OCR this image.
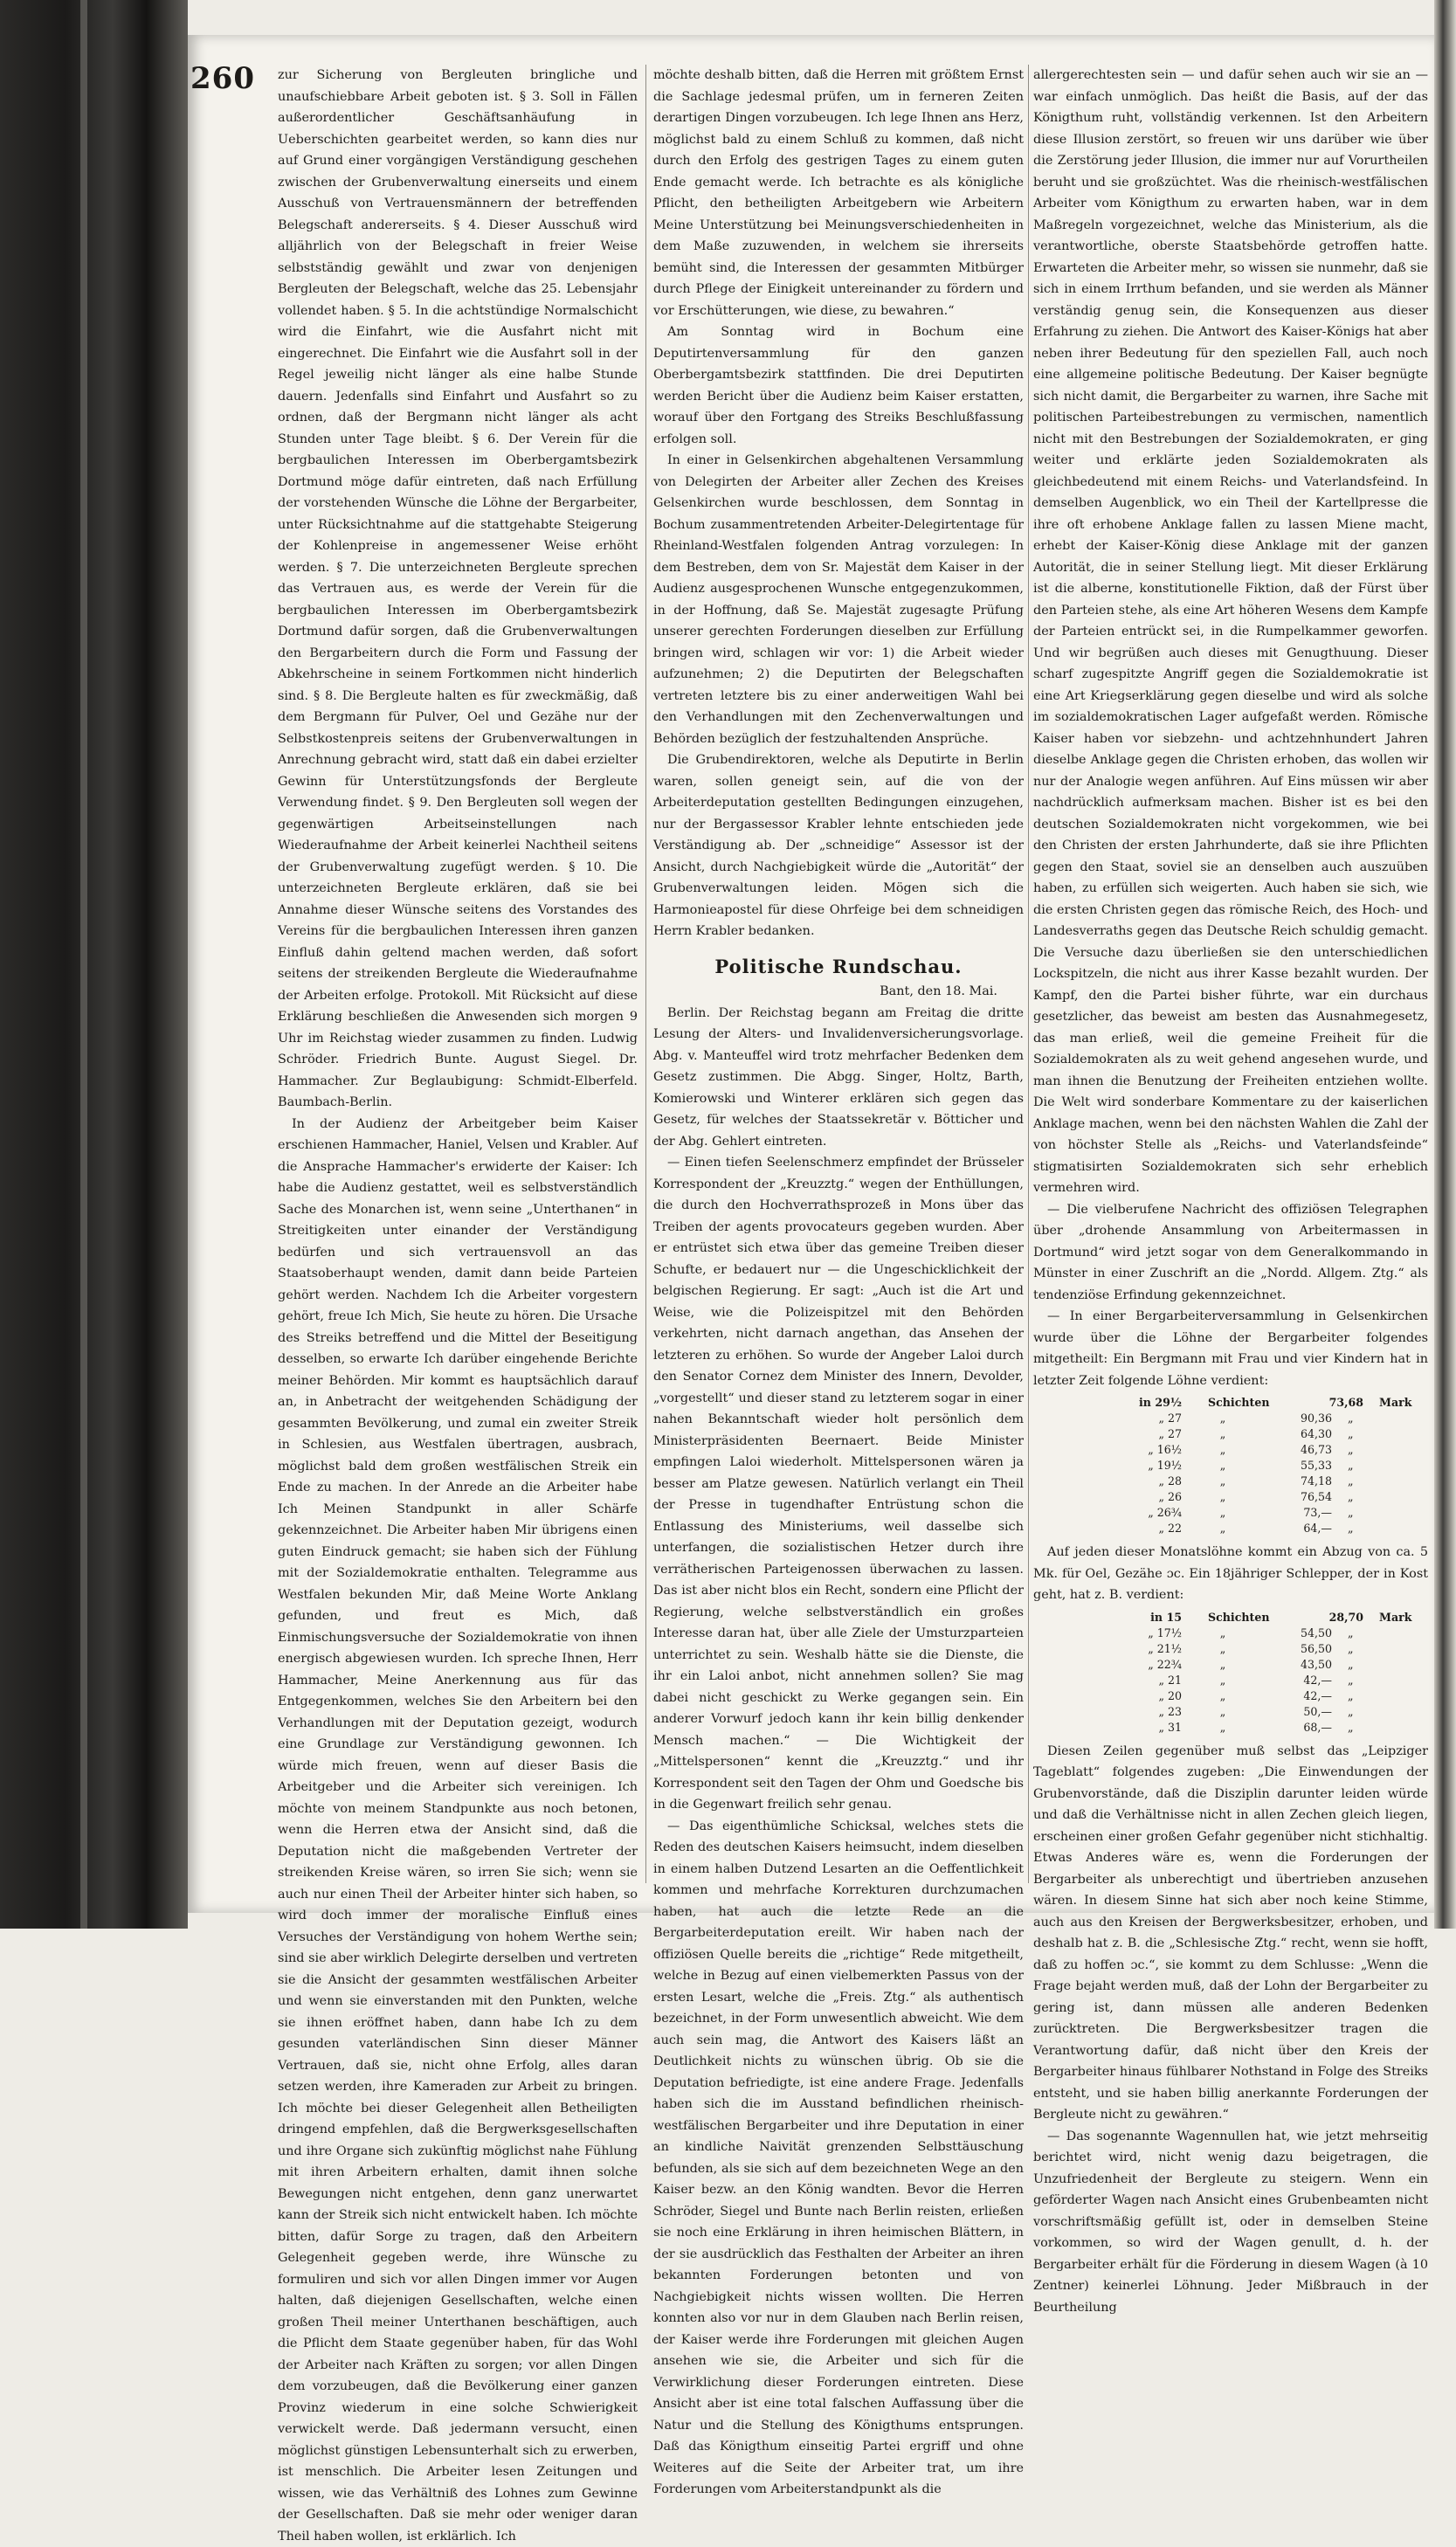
260 zur Sicherung von Bergleuten bringliche und unaufschiebbare Arbeit geboten ist. § 3. Soll in Fällen außerordentlicher Geschäftsanhäufung in Ueberschichten gearbeitet werden, so kann dies nur auf Grund einer vorgängigen Verständigung geschehen zwischen der Grubenverwaltung einerseits und einem Ausschuß von Vertrauensmännern der betreffenden Belegschaft andererseits. § 4. Dieser Ausschuß wird alljährlich von der Belegschaft in freier Weise selbstständig gewählt und zwar von denjenigen Bergleuten der Belegschaft, welche das 25. Lebensjahr vollendet haben. § 5. In die achtstündige Normalschicht wird die Einfahrt, wie die Ausfahrt nicht mit eingerechnet. Die Einfahrt wie die Ausfahrt soll in der Regel jeweilig nicht länger als eine halbe Stunde dauern. Jedenfalls sind Einfahrt und Ausfahrt so zu ordnen, daß der Bergmann nicht länger als acht Stunden unter Tage bleibt. § 6. Der Verein für die bergbaulichen Interessen im Oberbergamtsbezirk Dortmund möge dafür eintreten, daß nach Erfüllung der vorstehenden Wünsche die Löhne der Bergarbeiter, unter Rücksichtnahme auf die stattgehabte Steigerung der Kohlenpreise in angemessener Weise erhöht werden. § 7. Die unterzeichneten Bergleute sprechen das Vertrauen aus, es werde der Verein für die bergbaulichen Interessen im Oberbergamtsbezirk Dortmund dafür sorgen, daß die Grubenverwaltungen den Bergarbeitern durch die Form und Fassung der Abkehrscheine in seinem Fortkommen nicht hinderlich sind. § 8. Die Bergleute halten es für zweckmäßig, daß dem Bergmann für Pulver, Oel und Gezähe nur der Selbstkostenpreis seitens der Grubenverwaltungen in Anrechnung gebracht wird, statt daß ein dabei erzielter Gewinn für Unterstützungsfonds der Bergleute Verwendung findet. § 9. Den Bergleuten soll wegen der gegenwärtigen Arbeitseinstellungen nach Wiederaufnahme der Arbeit keinerlei Nachtheil seitens der Grubenverwaltung zugefügt werden. § 10. Die unterzeichneten Bergleute erklären, daß sie bei Annahme dieser Wünsche seitens des Vorstandes des Vereins für die bergbaulichen Interessen ihren ganzen Einfluß dahin geltend machen werden, daß sofort seitens der streikenden Bergleute die Wiederaufnahme der Arbeiten erfolge. Protokoll. Mit Rücksicht auf diese Erklärung beschließen die Anwesenden sich morgen 9 Uhr im Reichstag wieder zusammen zu finden. Ludwig Schröder. Friedrich Bunte. August Siegel. Dr. Hammacher. Zur Beglaubigung: Schmidt-Elberfeld. Baumbach-Berlin.

In der Audienz der Arbeitgeber beim Kaiser erschienen Hammacher, Haniel, Velsen und Krabler. Auf die Ansprache Hammacher's erwiderte der Kaiser: Ich habe die Audienz gestattet, weil es selbstverständlich Sache des Monarchen ist, wenn seine „Unterthanen“ in Streitigkeiten unter einander der Verständigung bedürfen und sich vertrauensvoll an das Staatsoberhaupt wenden, damit dann beide Parteien gehört werden. Nachdem Ich die Arbeiter vorgestern gehört, freue Ich Mich, Sie heute zu hören. Die Ursache des Streiks betreffend und die Mittel der Beseitigung desselben, so erwarte Ich darüber eingehende Berichte meiner Behörden. Mir kommt es hauptsächlich darauf an, in Anbetracht der weitgehenden Schädigung der gesammten Bevölkerung, und zumal ein zweiter Streik in Schlesien, aus Westfalen übertragen, ausbrach, möglichst bald dem großen westfälischen Streik ein Ende zu machen. In der Anrede an die Arbeiter habe Ich Meinen Standpunkt in aller Schärfe gekennzeichnet. Die Arbeiter haben Mir übrigens einen guten Eindruck gemacht; sie haben sich der Fühlung mit der Sozialdemokratie enthalten. Telegramme aus Westfalen bekunden Mir, daß Meine Worte Anklang gefunden, und freut es Mich, daß Einmischungsversuche der Sozialdemokratie von ihnen energisch abgewiesen wurden. Ich spreche Ihnen, Herr Hammacher, Meine Anerkennung aus für das Entgegenkommen, welches Sie den Arbeitern bei den Verhandlungen mit der Deputation gezeigt, wodurch eine Grundlage zur Verständigung gewonnen. Ich würde mich freuen, wenn auf dieser Basis die Arbeitgeber und die Arbeiter sich vereinigen. Ich möchte von meinem Standpunkte aus noch betonen, wenn die Herren etwa der Ansicht sind, daß die Deputation nicht die maßgebenden Vertreter der streikenden Kreise wären, so irren Sie sich; wenn sie auch nur einen Theil der Arbeiter hinter sich haben, so wird doch immer der moralische Einfluß eines Versuches der Verständigung von hohem Werthe sein; sind sie aber wirklich Delegirte derselben und vertreten sie die Ansicht der gesammten westfälischen Arbeiter und wenn sie einverstanden mit den Punkten, welche sie ihnen eröffnet haben, dann habe Ich zu dem gesunden vaterländischen Sinn dieser Männer Vertrauen, daß sie, nicht ohne Erfolg, alles daran setzen werden, ihre Kameraden zur Arbeit zu bringen. Ich möchte bei dieser Gelegenheit allen Betheiligten dringend empfehlen, daß die Bergwerksgesellschaften und ihre Organe sich zukünftig möglichst nahe Fühlung mit ihren Arbeitern erhalten, damit ihnen solche Bewegungen nicht entgehen, denn ganz unerwartet kann der Streik sich nicht entwickelt haben. Ich möchte bitten, dafür Sorge zu tragen, daß den Arbeitern Gelegenheit gegeben werde, ihre Wünsche zu formuliren und sich vor allen Dingen immer vor Augen halten, daß diejenigen Gesellschaften, welche einen großen Theil meiner Unterthanen beschäftigen, auch die Pflicht dem Staate gegenüber haben, für das Wohl der Arbeiter nach Kräften zu sorgen; vor allen Dingen dem vorzubeugen, daß die Bevölkerung einer ganzen Provinz wiederum in eine solche Schwierigkeit verwickelt werde. Daß jedermann versucht, einen möglichst günstigen Lebensunterhalt sich zu erwerben, ist menschlich. Die Arbeiter lesen Zeitungen und wissen, wie das Verhältniß des Lohnes zum Gewinne der Gesellschaften. Daß sie mehr oder weniger daran Theil haben wollen, ist erklärlich. Ich

möchte deshalb bitten, daß die Herren mit größtem Ernst die Sachlage jedesmal prüfen, um in ferneren Zeiten derartigen Dingen vorzubeugen. Ich lege Ihnen ans Herz, möglichst bald zu einem Schluß zu kommen, daß nicht durch den Erfolg des gestrigen Tages zu einem guten Ende gemacht werde. Ich betrachte es als königliche Pflicht, den betheiligten Arbeitgebern wie Arbeitern Meine Unterstützung bei Meinungsverschiedenheiten in dem Maße zuzuwenden, in welchem sie ihrerseits bemüht sind, die Interessen der gesammten Mitbürger durch Pflege der Einigkeit untereinander zu fördern und vor Erschütterungen, wie diese, zu bewahren.“

Am Sonntag wird in Bochum eine Deputirtenversammlung für den ganzen Oberbergamtsbezirk stattfinden. Die drei Deputirten werden Bericht über die Audienz beim Kaiser erstatten, worauf über den Fortgang des Streiks Beschlußfassung erfolgen soll.

In einer in Gelsenkirchen abgehaltenen Versammlung von Delegirten der Arbeiter aller Zechen des Kreises Gelsenkirchen wurde beschlossen, dem Sonntag in Bochum zusammentretenden Arbeiter-Delegirtentage für Rheinland-Westfalen folgenden Antrag vorzulegen: In dem Bestreben, dem von Sr. Majestät dem Kaiser in der Audienz ausgesprochenen Wunsche entgegenzukommen, in der Hoffnung, daß Se. Majestät zugesagte Prüfung unserer gerechten Forderungen dieselben zur Erfüllung bringen wird, schlagen wir vor: 1) die Arbeit wieder aufzunehmen; 2) die Deputirten der Belegschaften vertreten letztere bis zu einer anderweitigen Wahl bei den Verhandlungen mit den Zechenverwaltungen und Behörden bezüglich der festzuhaltenden Ansprüche.

Die Grubendirektoren, welche als Deputirte in Berlin waren, sollen geneigt sein, auf die von der Arbeiterdeputation gestellten Bedingungen einzugehen, nur der Bergassessor Krabler lehnte entschieden jede Verständigung ab. Der „schneidige“ Assessor ist der Ansicht, durch Nachgiebigkeit würde die „Autorität“ der Grubenverwaltungen leiden. Mögen sich die Harmonieapostel für diese Ohrfeige bei dem schneidigen Herrn Krabler bedanken.

Politische Rundschau.
Bant, den 18. Mai.

Berlin. Der Reichstag begann am Freitag die dritte Lesung der Alters- und Invalidenversicherungsvorlage. Abg. v. Manteuffel wird trotz mehrfacher Bedenken dem Gesetz zustimmen. Die Abgg. Singer, Holtz, Barth, Komierowski und Winterer erklären sich gegen das Gesetz, für welches der Staatssekretär v. Bötticher und der Abg. Gehlert eintreten.

— Einen tiefen Seelenschmerz empfindet der Brüsseler Korrespondent der „Kreuzztg.“ wegen der Enthüllungen, die durch den Hochverrathsprozeß in Mons über das Treiben der agents provocateurs gegeben wurden. Aber er entrüstet sich etwa über das gemeine Treiben dieser Schufte, er bedauert nur — die Ungeschicklichkeit der belgischen Regierung. Er sagt: „Auch ist die Art und Weise, wie die Polizeispitzel mit den Behörden verkehrten, nicht darnach angethan, das Ansehen der letzteren zu erhöhen. So wurde der Angeber Laloi durch den Senator Cornez dem Minister des Innern, Devolder, „vorgestellt“ und dieser stand zu letzterem sogar in einer nahen Bekanntschaft wieder holt persönlich dem Ministerpräsidenten Beernaert. Beide Minister empfingen Laloi wiederholt. Mittelspersonen wären ja besser am Platze gewesen. Natürlich verlangt ein Theil der Presse in tugendhafter Entrüstung schon die Entlassung des Ministeriums, weil dasselbe sich unterfangen, die sozialistischen Hetzer durch ihre verrätherischen Parteigenossen überwachen zu lassen. Das ist aber nicht blos ein Recht, sondern eine Pflicht der Regierung, welche selbstverständlich ein großes Interesse daran hat, über alle Ziele der Umsturzparteien unterrichtet zu sein. Weshalb hätte sie die Dienste, die ihr ein Laloi anbot, nicht annehmen sollen? Sie mag dabei nicht geschickt zu Werke gegangen sein. Ein anderer Vorwurf jedoch kann ihr kein billig denkender Mensch machen.“ — Die Wichtigkeit der „Mittelspersonen“ kennt die „Kreuzztg.“ und ihr Korrespondent seit den Tagen der Ohm und Goedsche bis in die Gegenwart freilich sehr genau.

— Das eigenthümliche Schicksal, welches stets die Reden des deutschen Kaisers heimsucht, indem dieselben in einem halben Dutzend Lesarten an die Oeffentlichkeit kommen und mehrfache Korrekturen durchzumachen haben, hat auch die letzte Rede an die Bergarbeiterdeputation ereilt. Wir haben nach der offiziösen Quelle bereits die „richtige“ Rede mitgetheilt, welche in Bezug auf einen vielbemerkten Passus von der ersten Lesart, welche die „Freis. Ztg.“ als authentisch bezeichnet, in der Form unwesentlich abweicht. Wie dem auch sein mag, die Antwort des Kaisers läßt an Deutlichkeit nichts zu wünschen übrig. Ob sie die Deputation befriedigte, ist eine andere Frage. Jedenfalls haben sich die im Ausstand befindlichen rheinisch-westfälischen Bergarbeiter und ihre Deputation in einer an kindliche Naivität grenzenden Selbsttäuschung befunden, als sie sich auf dem bezeichneten Wege an den Kaiser bezw. an den König wandten. Bevor die Herren Schröder, Siegel und Bunte nach Berlin reisten, erließen sie noch eine Erklärung in ihren heimischen Blättern, in der sie ausdrücklich das Festhalten der Arbeiter an ihren bekannten Forderungen betonten und von Nachgiebigkeit nichts wissen wollten. Die Herren konnten also vor nur in dem Glauben nach Berlin reisen, der Kaiser werde ihre Forderungen mit gleichen Augen ansehen wie sie, die Arbeiter und sich für die Verwirklichung dieser Forderungen eintreten. Diese Ansicht aber ist eine total falschen Auffassung über die Natur und die Stellung des Königthums entsprungen. Daß das Königthum einseitig Partei ergriff und ohne Weiteres auf die Seite der Arbeiter trat, um ihre Forderungen vom Arbeiterstandpunkt als die

allergerechtesten sein — und dafür sehen auch wir sie an — war einfach unmöglich. Das heißt die Basis, auf der das Königthum ruht, vollständig verkennen. Ist den Arbeitern diese Illusion zerstört, so freuen wir uns darüber wie über die Zerstörung jeder Illusion, die immer nur auf Vorurtheilen beruht und sie großzüchtet. Was die rheinisch-westfälischen Arbeiter vom Königthum zu erwarten haben, war in dem Maßregeln vorgezeichnet, welche das Ministerium, als die verantwortliche, oberste Staatsbehörde getroffen hatte. Erwarteten die Arbeiter mehr, so wissen sie nunmehr, daß sie sich in einem Irrthum befanden, und sie werden als Männer verständig genug sein, die Konsequenzen aus dieser Erfahrung zu ziehen. Die Antwort des Kaiser-Königs hat aber neben ihrer Bedeutung für den speziellen Fall, auch noch eine allgemeine politische Bedeutung. Der Kaiser begnügte sich nicht damit, die Bergarbeiter zu warnen, ihre Sache mit politischen Parteibestrebungen zu vermischen, namentlich nicht mit den Bestrebungen der Sozialdemokraten, er ging weiter und erklärte jeden Sozialdemokraten als gleichbedeutend mit einem Reichs- und Vaterlandsfeind. In demselben Augenblick, wo ein Theil der Kartellpresse die ihre oft erhobene Anklage fallen zu lassen Miene macht, erhebt der Kaiser-König diese Anklage mit der ganzen Autorität, die in seiner Stellung liegt. Mit dieser Erklärung ist die alberne, konstitutionelle Fiktion, daß der Fürst über den Parteien stehe, als eine Art höheren Wesens dem Kampfe der Parteien entrückt sei, in die Rumpelkammer geworfen. Und wir begrüßen auch dieses mit Genugthuung. Dieser scharf zugespitzte Angriff gegen die Sozialdemokratie ist eine Art Kriegserklärung gegen dieselbe und wird als solche im sozialdemokratischen Lager aufgefaßt werden. Römische Kaiser haben vor siebzehn- und achtzehnhundert Jahren dieselbe Anklage gegen die Christen erhoben, das wollen wir nur der Analogie wegen anführen. Auf Eins müssen wir aber nachdrücklich aufmerksam machen. Bisher ist es bei den deutschen Sozialdemokraten nicht vorgekommen, wie bei den Christen der ersten Jahrhunderte, daß sie ihre Pflichten gegen den Staat, soviel sie an denselben auch auszuüben haben, zu erfüllen sich weigerten. Auch haben sie sich, wie die ersten Christen gegen das römische Reich, des Hoch- und Landesverraths gegen das Deutsche Reich schuldig gemacht. Die Versuche dazu überließen sie den unterschiedlichen Lockspitzeln, die nicht aus ihrer Kasse bezahlt wurden. Der Kampf, den die Partei bisher führte, war ein durchaus gesetzlicher, das beweist am besten das Ausnahmegesetz, das man erließ, weil die gemeine Freiheit für die Sozialdemokraten als zu weit gehend angesehen wurde, und man ihnen die Benutzung der Freiheiten entziehen wollte. Die Welt wird sonderbare Kommentare zu der kaiserlichen Anklage machen, wenn bei den nächsten Wahlen die Zahl der von höchster Stelle als „Reichs- und Vaterlandsfeinde“ stigmatisirten Sozialdemokraten sich sehr erheblich vermehren wird.

— Die vielberufene Nachricht des offiziösen Telegraphen über „drohende Ansammlung von Arbeitermassen in Dortmund“ wird jetzt sogar von dem Generalkommando in Münster in einer Zuschrift an die „Nordd. Allgem. Ztg.“ als tendenziöse Erfindung gekennzeichnet.

— In einer Bergarbeiterversammlung in Gelsenkirchen wurde über die Löhne der Bergarbeiter folgendes mitgetheilt: Ein Bergmann mit Frau und vier Kindern hat in letzter Zeit folgende Löhne verdient:

in 29½	Schichten	73,68 Mark
„ 27	„	90,36	„
„ 27	„	64,30	„
„ 16½	„	46,73	„
„ 19½	„	55,33	„
„ 28	„	74,18	„
„ 26	„	76,54	„
„ 26¾	„	73,—	„
„ 22	„	64,—	„

Auf jeden dieser Monatslöhne kommt ein Abzug von ca. 5 Mk. für Oel, Gezähe ɔc. Ein 18jähriger Schlepper, der in Kost geht, hat z. B. verdient:

in 15	Schichten	28,70 Mark
„ 17½	„	54,50	„
„ 21½	„	56,50	„
„ 22¾	„	43,50	„
„ 21	„	42,—	„
„ 20	„	42,—	„
„ 23	„	50,—	„
„ 31	„	68,—	„

Diesen Zeilen gegenüber muß selbst das „Leipziger Tageblatt“ folgendes zugeben: „Die Einwendungen der Grubenvorstände, daß die Disziplin darunter leiden würde und daß die Verhältnisse nicht in allen Zechen gleich liegen, erscheinen einer großen Gefahr gegenüber nicht stichhaltig. Etwas Anderes wäre es, wenn die Forderungen der Bergarbeiter als unberechtigt und übertrieben anzusehen wären. In diesem Sinne hat sich aber noch keine Stimme, auch aus den Kreisen der Bergwerksbesitzer, erhoben, und deshalb hat z. B. die „Schlesische Ztg.“ recht, wenn sie hofft, daß zu hoffen ɔc.“, sie kommt zu dem Schlusse: „Wenn die Frage bejaht werden muß, daß der Lohn der Bergarbeiter zu gering ist, dann müssen alle anderen Bedenken zurücktreten. Die Bergwerksbesitzer tragen die Verantwortung dafür, daß nicht über den Kreis der Bergarbeiter hinaus fühlbarer Nothstand in Folge des Streiks entsteht, und sie haben billig anerkannte Forderungen der Bergleute nicht zu gewähren.“

— Das sogenannte Wagennullen hat, wie jetzt mehrseitig berichtet wird, nicht wenig dazu beigetragen, die Unzufriedenheit der Bergleute zu steigern. Wenn ein geförderter Wagen nach Ansicht eines Grubenbeamten nicht vorschriftsmäßig gefüllt ist, oder in demselben Steine vorkommen, so wird der Wagen genullt, d. h. der Bergarbeiter erhält für die Förderung in diesem Wagen (à 10 Zentner) keinerlei Löhnung. Jeder Mißbrauch in der Beurtheilung
